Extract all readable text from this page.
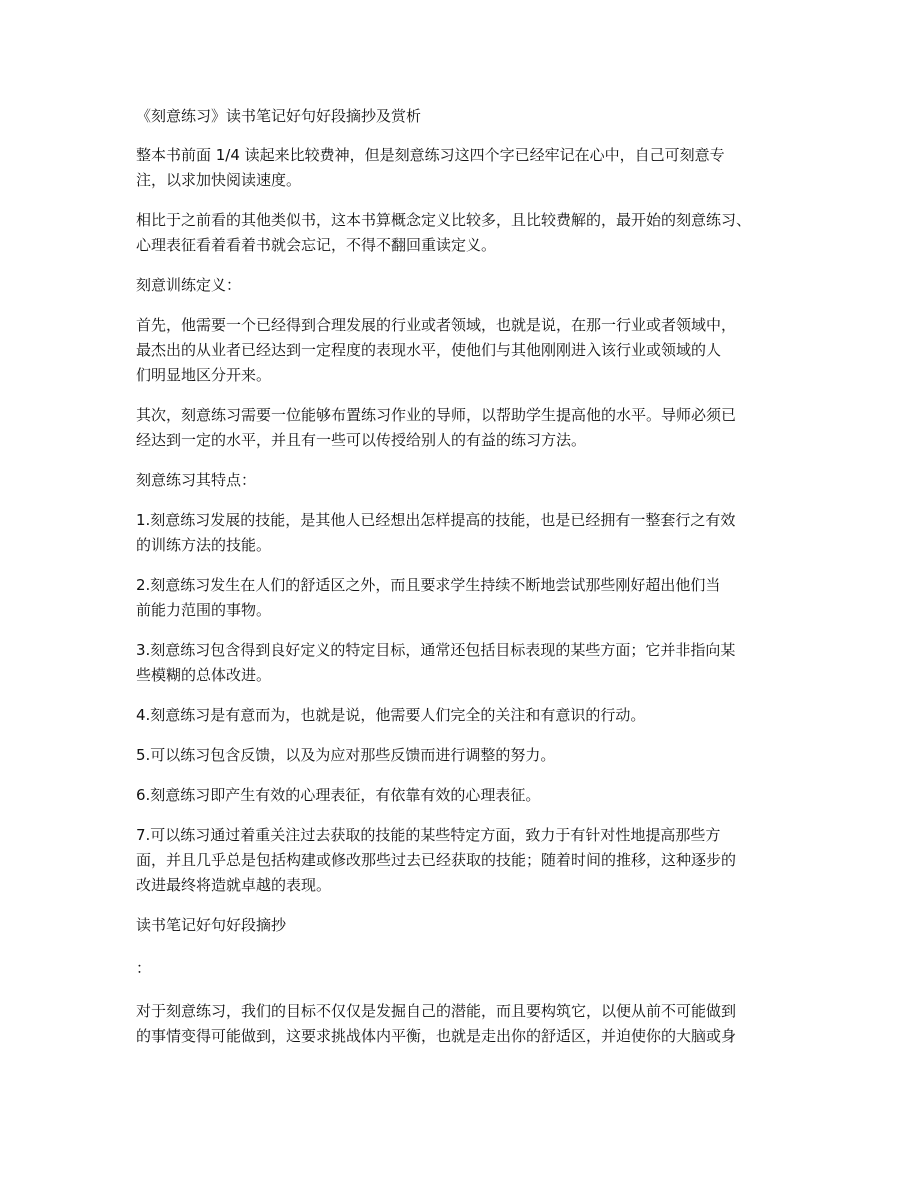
《刻意练习》读书笔记好句好段摘抄及赏析

整本书前面 1/4 读起来比较费神，但是刻意练习这四个字已经牢记在心中，自己可刻意专
注，以求加快阅读速度。

相比于之前看的其他类似书，这本书算概念定义比较多，且比较费解的，最开始的刻意练习、
心理表征看着看着书就会忘记，不得不翻回重读定义。

刻意训练定义：

首先，他需要一个已经得到合理发展的行业或者领域，也就是说，在那一行业或者领域中，
最杰出的从业者已经达到一定程度的表现水平，使他们与其他刚刚进入该行业或领域的人
们明显地区分开来。

其次，刻意练习需要一位能够布置练习作业的导师，以帮助学生提高他的水平。导师必须已
经达到一定的水平，并且有一些可以传授给别人的有益的练习方法。

刻意练习其特点：

1.刻意练习发展的技能，是其他人已经想出怎样提高的技能，也是已经拥有一整套行之有效
的训练方法的技能。

2.刻意练习发生在人们的舒适区之外，而且要求学生持续不断地尝试那些刚好超出他们当
前能力范围的事物。

3.刻意练习包含得到良好定义的特定目标，通常还包括目标表现的某些方面；它并非指向某
些模糊的总体改进。

4.刻意练习是有意而为，也就是说，他需要人们完全的关注和有意识的行动。

5.可以练习包含反馈，以及为应对那些反馈而进行调整的努力。

6.刻意练习即产生有效的心理表征，有依靠有效的心理表征。

7.可以练习通过着重关注过去获取的技能的某些特定方面，致力于有针对性地提高那些方
面，并且几乎总是包括构建或修改那些过去已经获取的技能；随着时间的推移，这种逐步的
改进最终将造就卓越的表现。

读书笔记好句好段摘抄

：

对于刻意练习，我们的目标不仅仅是发掘自己的潜能，而且要构筑它，以便从前不可能做到
的事情变得可能做到，这要求挑战体内平衡，也就是走出你的舒适区，并迫使你的大脑或身
